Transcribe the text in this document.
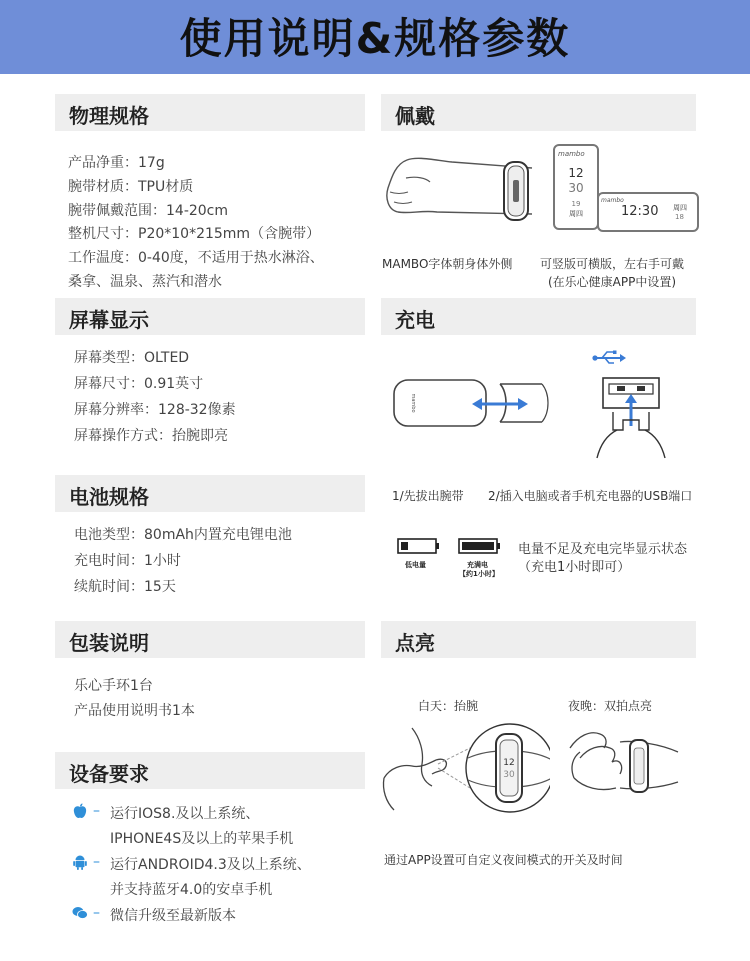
使用说明&规格参数
物理规格
产品净重：17g
腕带材质：TPU材质
腕带佩戴范围：14-20cm
整机尺寸：P20*10*215mm（含腕带）
工作温度：0-40度，不适用于热水淋浴、
桑拿、温泉、蒸汽和潜水
屏幕显示
屏幕类型：OLTED
屏幕尺寸：0.91英寸
屏幕分辨率：128-32像素
屏幕操作方式：抬腕即亮
电池规格
电池类型：80mAh内置充电锂电池
充电时间：1小时
续航时间：15天
包装说明
乐心手环1台
产品使用说明书1本
设备要求
– 运行IOS8.及以上系统、
IPHONE4S及以上的苹果手机
– 运行ANDROID4.3及以上系统、
并支持蓝牙4.0的安卓手机
– 微信升级至最新版本
佩戴
mambo
12
30
19
周四
mambo
12:30 周四
18
MAMBO字体朝身体外侧 可竖版可横版，左右手可戴
(在乐心健康APP中设置)
充电
mambo
1/先拔出腕带 2/插入电脑或者手机充电器的USB端口
低电量	充满电
【约1小时】
电量不足及充电完毕显示状态
（充电1小时即可）
点亮
白天：抬腕	夜晚：双拍点亮
12
30
通过APP设置可自定义夜间模式的开关及时间
